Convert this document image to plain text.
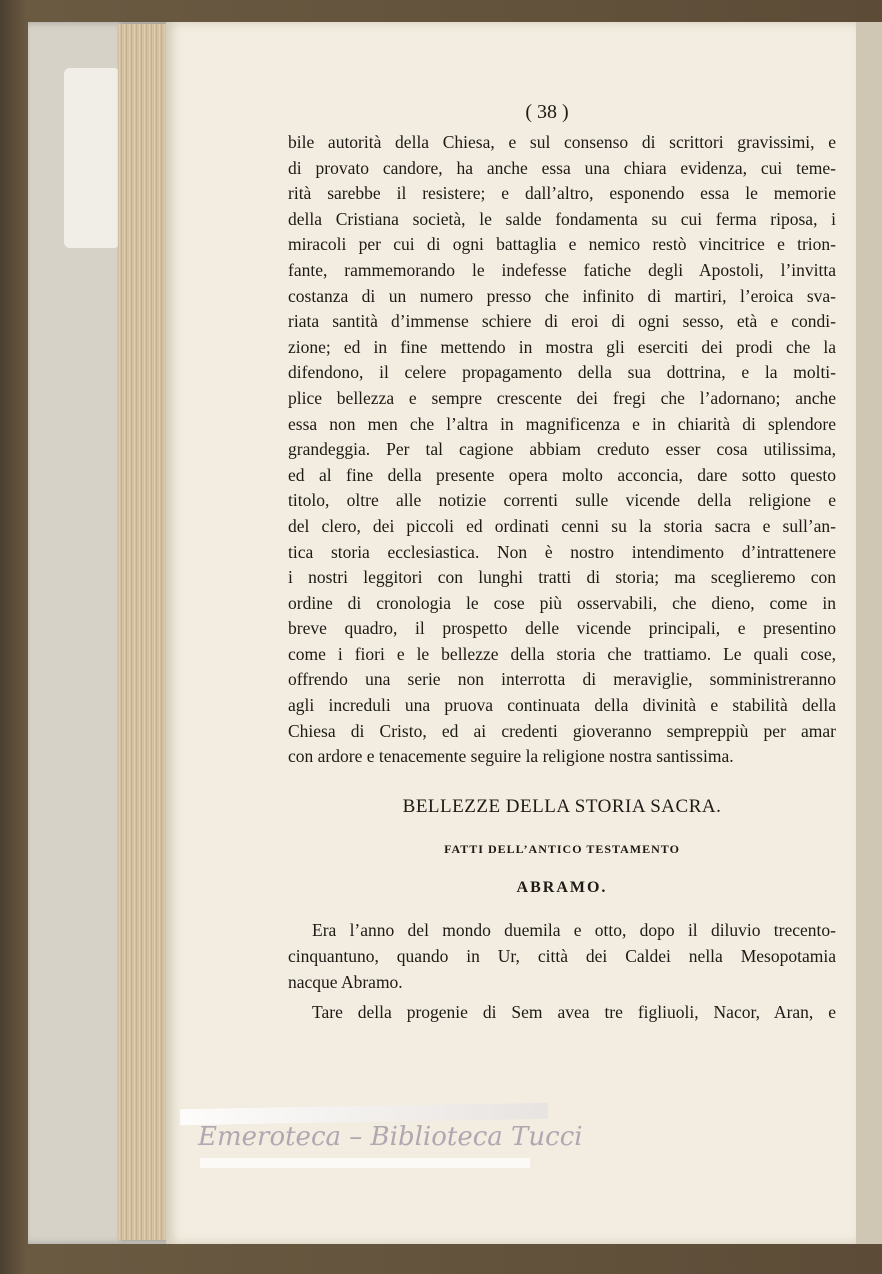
( 38 )
bile autorità della Chiesa, e sul consenso di scrittori gravissimi, e
di provato candore, ha anche essa una chiara evidenza, cui teme-
rità sarebbe il resistere; e dall’altro, esponendo essa le memorie
della Cristiana società, le salde fondamenta su cui ferma riposa, i
miracoli per cui di ogni battaglia e nemico restò vincitrice e trion-
fante, rammemorando le indefesse fatiche degli Apostoli, l’invitta
costanza di un numero presso che infinito di martiri, l’eroica sva-
riata santità d’immense schiere di eroi di ogni sesso, età e condi-
zione; ed in fine mettendo in mostra gli eserciti dei prodi che la
difendono, il celere propagamento della sua dottrina, e la molti-
plice bellezza e sempre crescente dei fregi che l’adornano; anche
essa non men che l’altra in magnificenza e in chiarità di splendore
grandeggia. Per tal cagione abbiam creduto esser cosa utilissima,
ed al fine della presente opera molto acconcia, dare sotto questo
titolo, oltre alle notizie correnti sulle vicende della religione e
del clero, dei piccoli ed ordinati cenni su la storia sacra e sull’an-
tica storia ecclesiastica. Non è nostro intendimento d’intrattenere
i nostri leggitori con lunghi tratti di storia; ma sceglieremo con
ordine di cronologia le cose più osservabili, che dieno, come in
breve quadro, il prospetto delle vicende principali, e presentino
come i fiori e le bellezze della storia che trattiamo. Le quali cose,
offrendo una serie non interrotta di meraviglie, somministreranno
agli increduli una pruova continuata della divinità e stabilità della
Chiesa di Cristo, ed ai credenti gioveranno sempreppiù per amar
con ardore e tenacemente seguire la religione nostra santissima.
BELLEZZE DELLA STORIA SACRA.
FATTI DELL’ANTICO TESTAMENTO
ABRAMO.
Era l’anno del mondo duemila e otto, dopo il diluvio trecento-
cinquantuno, quando in Ur, città dei Caldei nella Mesopotamia
nacque Abramo.
Tare della progenie di Sem avea tre figliuoli, Nacor, Aran, e
Emeroteca – Biblioteca Tucci
